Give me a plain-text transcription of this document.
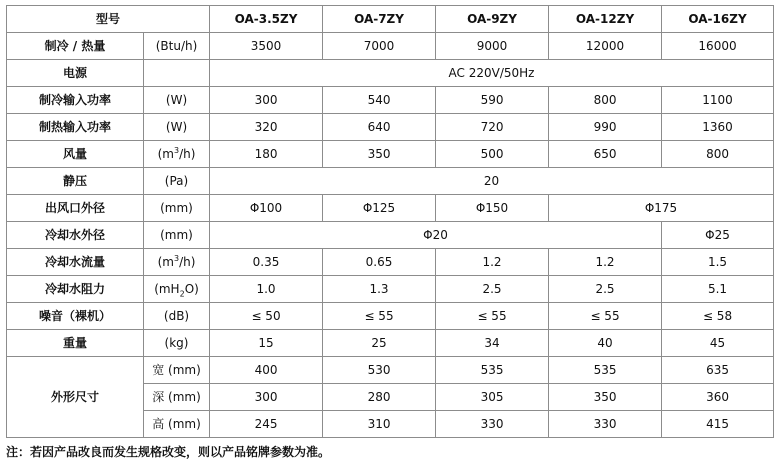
型号		OA-3.5ZY	OA-7ZY	OA-9ZY	OA-12ZY	OA-16ZY
制冷 / 热量	(Btu/h)	3500	7000	9000	12000	16000
电源		AC 220V/50Hz				
制冷输入功率	(W)	300	540	590	800	1100
制热输入功率	(W)	320	640	720	990	1360
风量	$(m^3/h)$	180	350	500	650	800
静压	(Pa)	20				
出风口外径	(mm)	Φ100	Φ125	Φ150	Φ175	
冷却水外径	(mm)	Φ20				Φ25
冷却水流量	$(m^3/h)$	0.35	0.65	1.2	1.2	1.5
冷却水阻力	$(mH_2O)$	1.0	1.3	2.5	2.5	5.1
噪音（裸机）	(dB)	≤ 50	≤ 55	≤ 55	≤ 55	≤ 58
重量	(kg)	15	25	34	40	45
外形尺寸	宽 (mm)	400	530	535	535	635
	深 (mm)	300	280	305	350	360
	高 (mm)	245	310	330	330	415
注：若因产品改良而发生规格改变，则以产品铭牌参数为准。
